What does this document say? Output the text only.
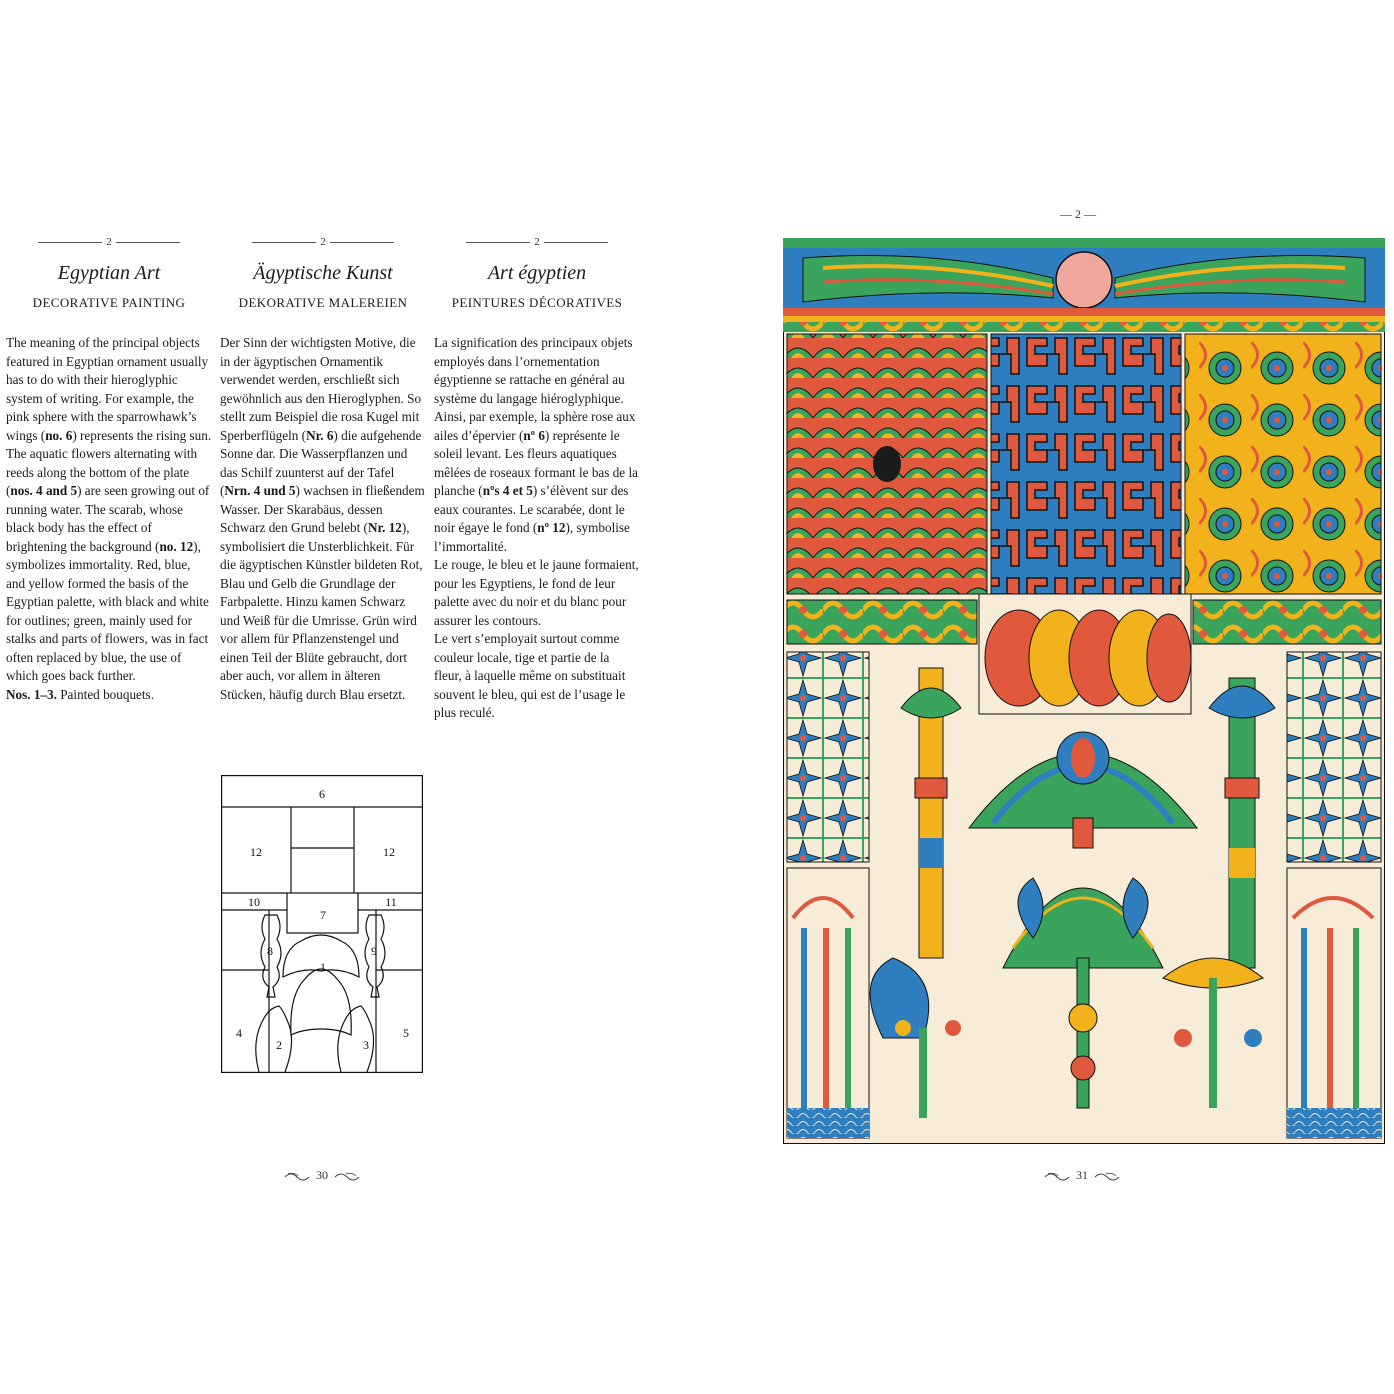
2
Egyptian Art
DECORATIVE PAINTING
The meaning of the principal objects featured in Egyptian ornament usually has to do with their hieroglyphic system of writing. For example, the pink sphere with the sparrowhawk’s wings (no. 6) represents the rising sun. The aquatic flowers alternating with reeds along the bottom of the plate (nos. 4 and 5) are seen growing out of running water. The scarab, whose black body has the effect of brightening the background (no. 12), symbolizes immortality. Red, blue, and yellow formed the basis of the Egyptian palette, with black and white for outlines; green, mainly used for stalks and parts of flowers, was in fact often replaced by blue, the use of which goes back further.
Nos. 1–3. Painted bouquets.
2
Ägyptische Kunst
DEKORATIVE MALEREIEN
Der Sinn der wichtigsten Motive, die in der ägyptischen Ornamentik verwendet werden, erschließt sich gewöhnlich aus den Hieroglyphen. So stellt zum Beispiel die rosa Kugel mit Sperberflügeln (Nr. 6) die aufgehende Sonne dar. Die Wasserpflanzen und das Schilf zuunterst auf der Tafel (Nrn. 4 und 5) wachsen in fließendem Wasser. Der Skarabäus, dessen Schwarz den Grund belebt (Nr. 12), symbolisiert die Unsterblichkeit. Für die ägyptischen Künstler bildeten Rot, Blau und Gelb die Grundlage der Farbpalette. Hinzu kamen Schwarz und Weiß für die Umrisse. Grün wird vor allem für Pflanzenstengel und einen Teil der Blüte gebraucht, dort aber auch, vor allem in älteren Stücken, häufig durch Blau ersetzt.
2
Art égyptien
PEINTURES DÉCORATIVES
La signification des principaux objets employés dans l’ornementation égyptienne se rattache en général au système du langage hiéroglyphique. Ainsi, par exemple, la sphère rose aux ailes d’épervier (nº 6) représente le soleil levant. Les fleurs aquatiques mêlées de roseaux formant le bas de la planche (nºs 4 et 5) s’élèvent sur des eaux courantes. Le scarabée, dont le noir égaye le fond (nº 12), symbolise l’immortalité.
Le rouge, le bleu et le jaune formaient, pour les Egyptiens, le fond de leur palette avec du noir et du blanc pour assurer les contours.
Le vert s’employait surtout comme couleur locale, tige et partie de la fleur, à laquelle même on substituait souvent le bleu, qui est de l’usage le plus reculé.
6
12	12
10	11
7
8	9
1
4	5
2	3
30
— 2 —
31
